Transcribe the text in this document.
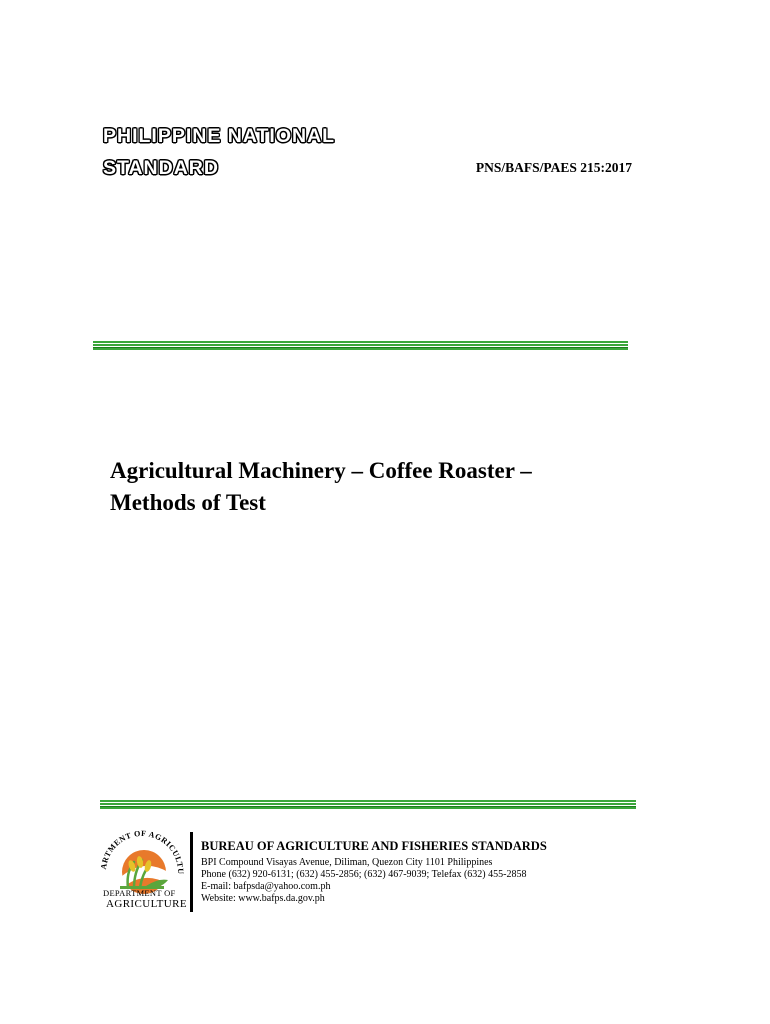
PHILIPPINE NATIONAL
STANDARD	PNS/BAFS/PAES 215:2017
Agricultural Machinery – Coffee Roaster –
Methods of Test
ARTMENT OF AGRICULTU
DEPARTMENT OF
AGRICULTURE
BUREAU OF AGRICULTURE AND FISHERIES STANDARDS
BPI Compound Visayas Avenue, Diliman, Quezon City 1101 Philippines
Phone (632) 920-6131; (632) 455-2856; (632) 467-9039; Telefax (632) 455-2858
E-mail: bafpsda@yahoo.com.ph
Website: www.bafps.da.gov.ph
